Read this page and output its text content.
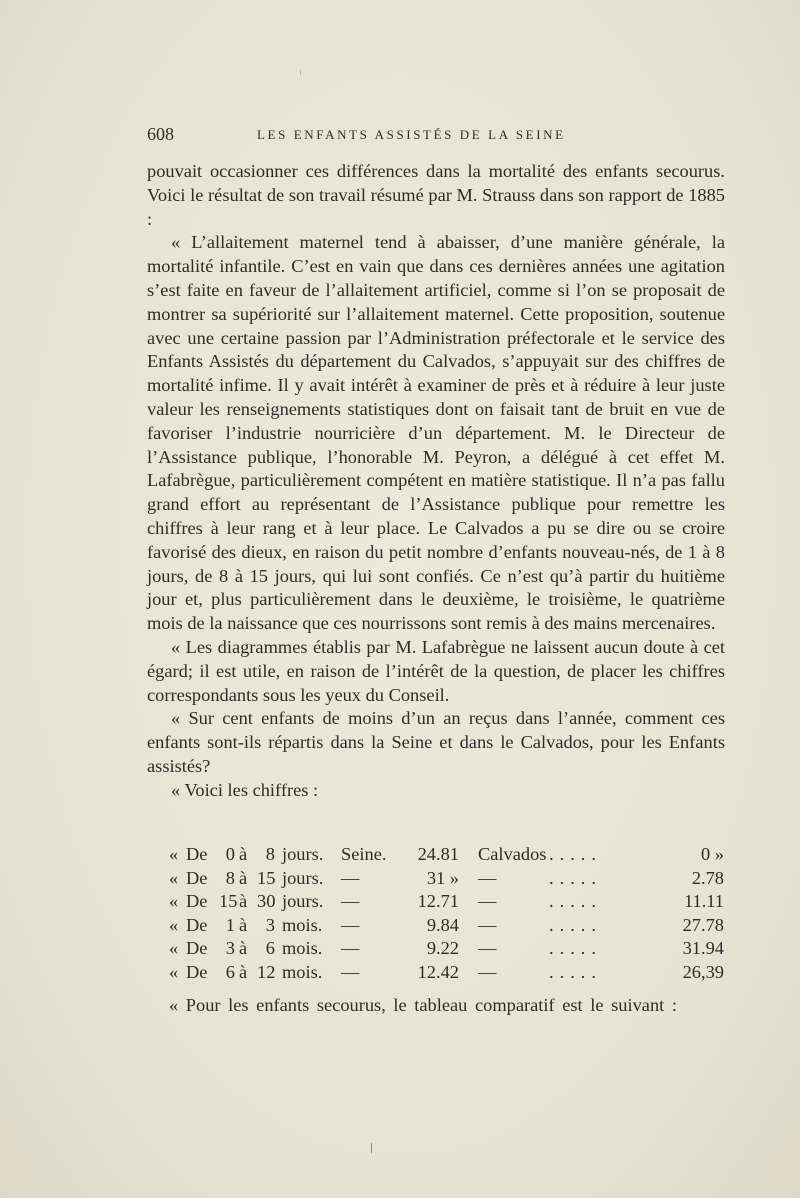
608	LES ENFANTS ASSISTÉS DE LA SEINE

pouvait occasionner ces différences dans la mortalité des enfants secourus. Voici le résultat de son travail résumé par M. Strauss dans son rapport de 1885 :

« L’allaitement maternel tend à abaisser, d’une manière générale, la mortalité infantile. C’est en vain que dans ces dernières années une agitation s’est faite en faveur de l’allaitement artificiel, comme si l’on se proposait de montrer sa supériorité sur l’allaitement maternel. Cette proposition, soutenue avec une certaine passion par l’Administration préfectorale et le service des Enfants Assistés du département du Calvados, s’appuyait sur des chiffres de mortalité infime. Il y avait intérêt à examiner de près et à réduire à leur juste valeur les renseignements statistiques dont on faisait tant de bruit en vue de favoriser l’industrie nourricière d’un département. M. le Directeur de l’Assistance publique, l’honorable M. Peyron, a délégué à cet effet M. Lafabrègue, particulièrement compétent en matière statistique. Il n’a pas fallu grand effort au représentant de l’Assistance publique pour remettre les chiffres à leur rang et à leur place. Le Calvados a pu se dire ou se croire favorisé des dieux, en raison du petit nombre d’enfants nouveau-nés, de 1 à 8 jours, de 8 à 15 jours, qui lui sont confiés. Ce n’est qu’à partir du huitième jour et, plus particulièrement dans le deuxième, le troisième, le quatrième mois de la naissance que ces nourrissons sont remis à des mains mercenaires.

« Les diagrammes établis par M. Lafabrègue ne laissent aucun doute à cet égard; il est utile, en raison de l’intérêt de la question, de placer les chiffres correspondants sous les yeux du Conseil.

« Sur cent enfants de moins d’un an reçus dans l’année, comment ces enfants sont-ils répartis dans la Seine et dans le Calvados, pour les Enfants assistés?

« Voici les chiffres :

« De 0 à	8 jours. Seine.	24.81 Calvados .....	0 »
« De 8 à 15 jours. —	31 » —	.....	2.78
« De 15 à 30 jours. —	12.71 —	.....	11.11
« De 1 à	3 mois. —	9.84 —	.....	27.78
« De 3 à	6 mois. —	9.22 —	.....	31.94
« De 6 à 12 mois. —	12.42 —	.....	26,39
« Pour les enfants secourus, le tableau comparatif est le suivant :
